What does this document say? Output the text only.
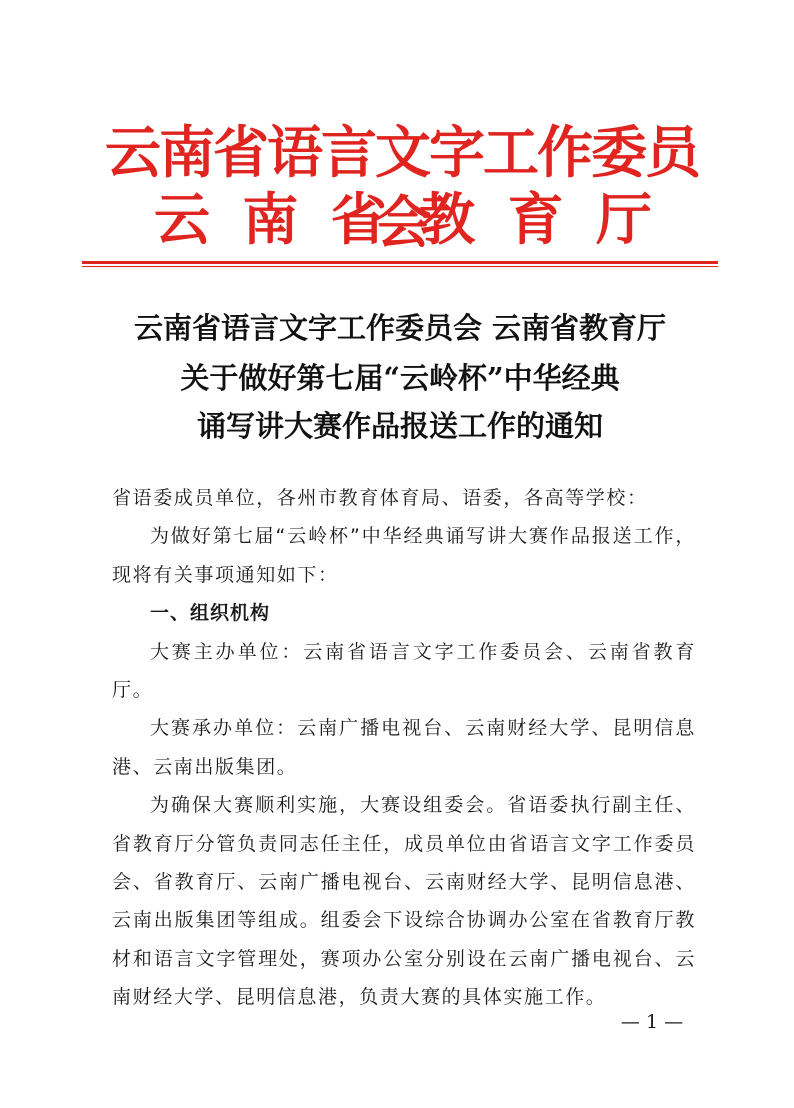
云南省语言文字工作委员会
云 南 省 教 育 厅
云南省语言文字工作委员会 云南省教育厅
关于做好第七届“云岭杯”中华经典
诵写讲大赛作品报送工作的通知

省语委成员单位，各州市教育体育局、语委，各高等学校：

为做好第七届“云岭杯”中华经典诵写讲大赛作品报送工作，现将有关事项通知如下：

一、组织机构

大赛主办单位：云南省语言文字工作委员会、云南省教育厅。

大赛承办单位：云南广播电视台、云南财经大学、昆明信息港、云南出版集团。

为确保大赛顺利实施，大赛设组委会。省语委执行副主任、省教育厅分管负责同志任主任，成员单位由省语言文字工作委员会、省教育厅、云南广播电视台、云南财经大学、昆明信息港、云南出版集团等组成。组委会下设综合协调办公室在省教育厅教材和语言文字管理处，赛项办公室分别设在云南广播电视台、云南财经大学、昆明信息港，负责大赛的具体实施工作。

— 1 —
